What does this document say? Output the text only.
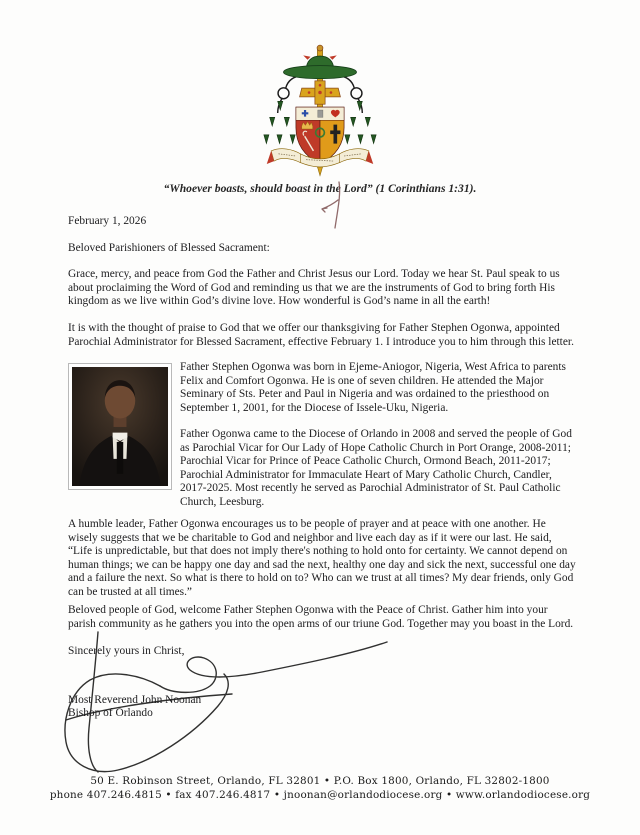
“Whoever boasts, should boast in the Lord” (1 Corinthians 1:31).
February 1, 2026
Beloved Parishioners of Blessed Sacrament:

Grace, mercy, and peace from God the Father and Christ Jesus our Lord. Today we hear St. Paul speak to us about proclaiming the Word of God and reminding us that we are the instruments of God to bring forth His kingdom as we live within God’s divine love. How wonderful is God’s name in all the earth!

It is with the thought of praise to God that we offer our thanksgiving for Father Stephen Ogonwa, appointed Parochial Administrator for Blessed Sacrament, effective February 1. I introduce you to him through this letter.

Father Stephen Ogonwa was born in Ejeme-Aniogor, Nigeria, West Africa to parents Felix and Comfort Ogonwa. He is one of seven children. He attended the Major Seminary of Sts. Peter and Paul in Nigeria and was ordained to the priesthood on September 1, 2001, for the Diocese of Issele-Uku, Nigeria.

Father Ogonwa came to the Diocese of Orlando in 2008 and served the people of God as Parochial Vicar for Our Lady of Hope Catholic Church in Port Orange, 2008-2011; Parochial Vicar for Prince of Peace Catholic Church, Ormond Beach, 2011-2017; Parochial Administrator for Immaculate Heart of Mary Catholic Church, Candler, 2017-2025. Most recently he served as Parochial Administrator of St. Paul Catholic Church, Leesburg.

A humble leader, Father Ogonwa encourages us to be people of prayer and at peace with one another. He wisely suggests that we be charitable to God and neighbor and live each day as if it were our last. He said, “Life is unpredictable, but that does not imply there's nothing to hold onto for certainty. We cannot depend on human things; we can be happy one day and sad the next, healthy one day and sick the next, successful one day and a failure the next. So what is there to hold on to? Who can we trust at all times? My dear friends, only God can be trusted at all times.”

Beloved people of God, welcome Father Stephen Ogonwa with the Peace of Christ. Gather him into your parish community as he gathers you into the open arms of our triune God. Together may you boast in the Lord.

Sincerely yours in Christ,
Most Reverend John Noonan
Bishop of Orlando
50 E. Robinson Street, Orlando, FL 32801 • P.O. Box 1800, Orlando, FL 32802-1800
phone 407.246.4815 • fax 407.246.4817 • jnoonan@orlandodiocese.org • www.orlandodiocese.org
